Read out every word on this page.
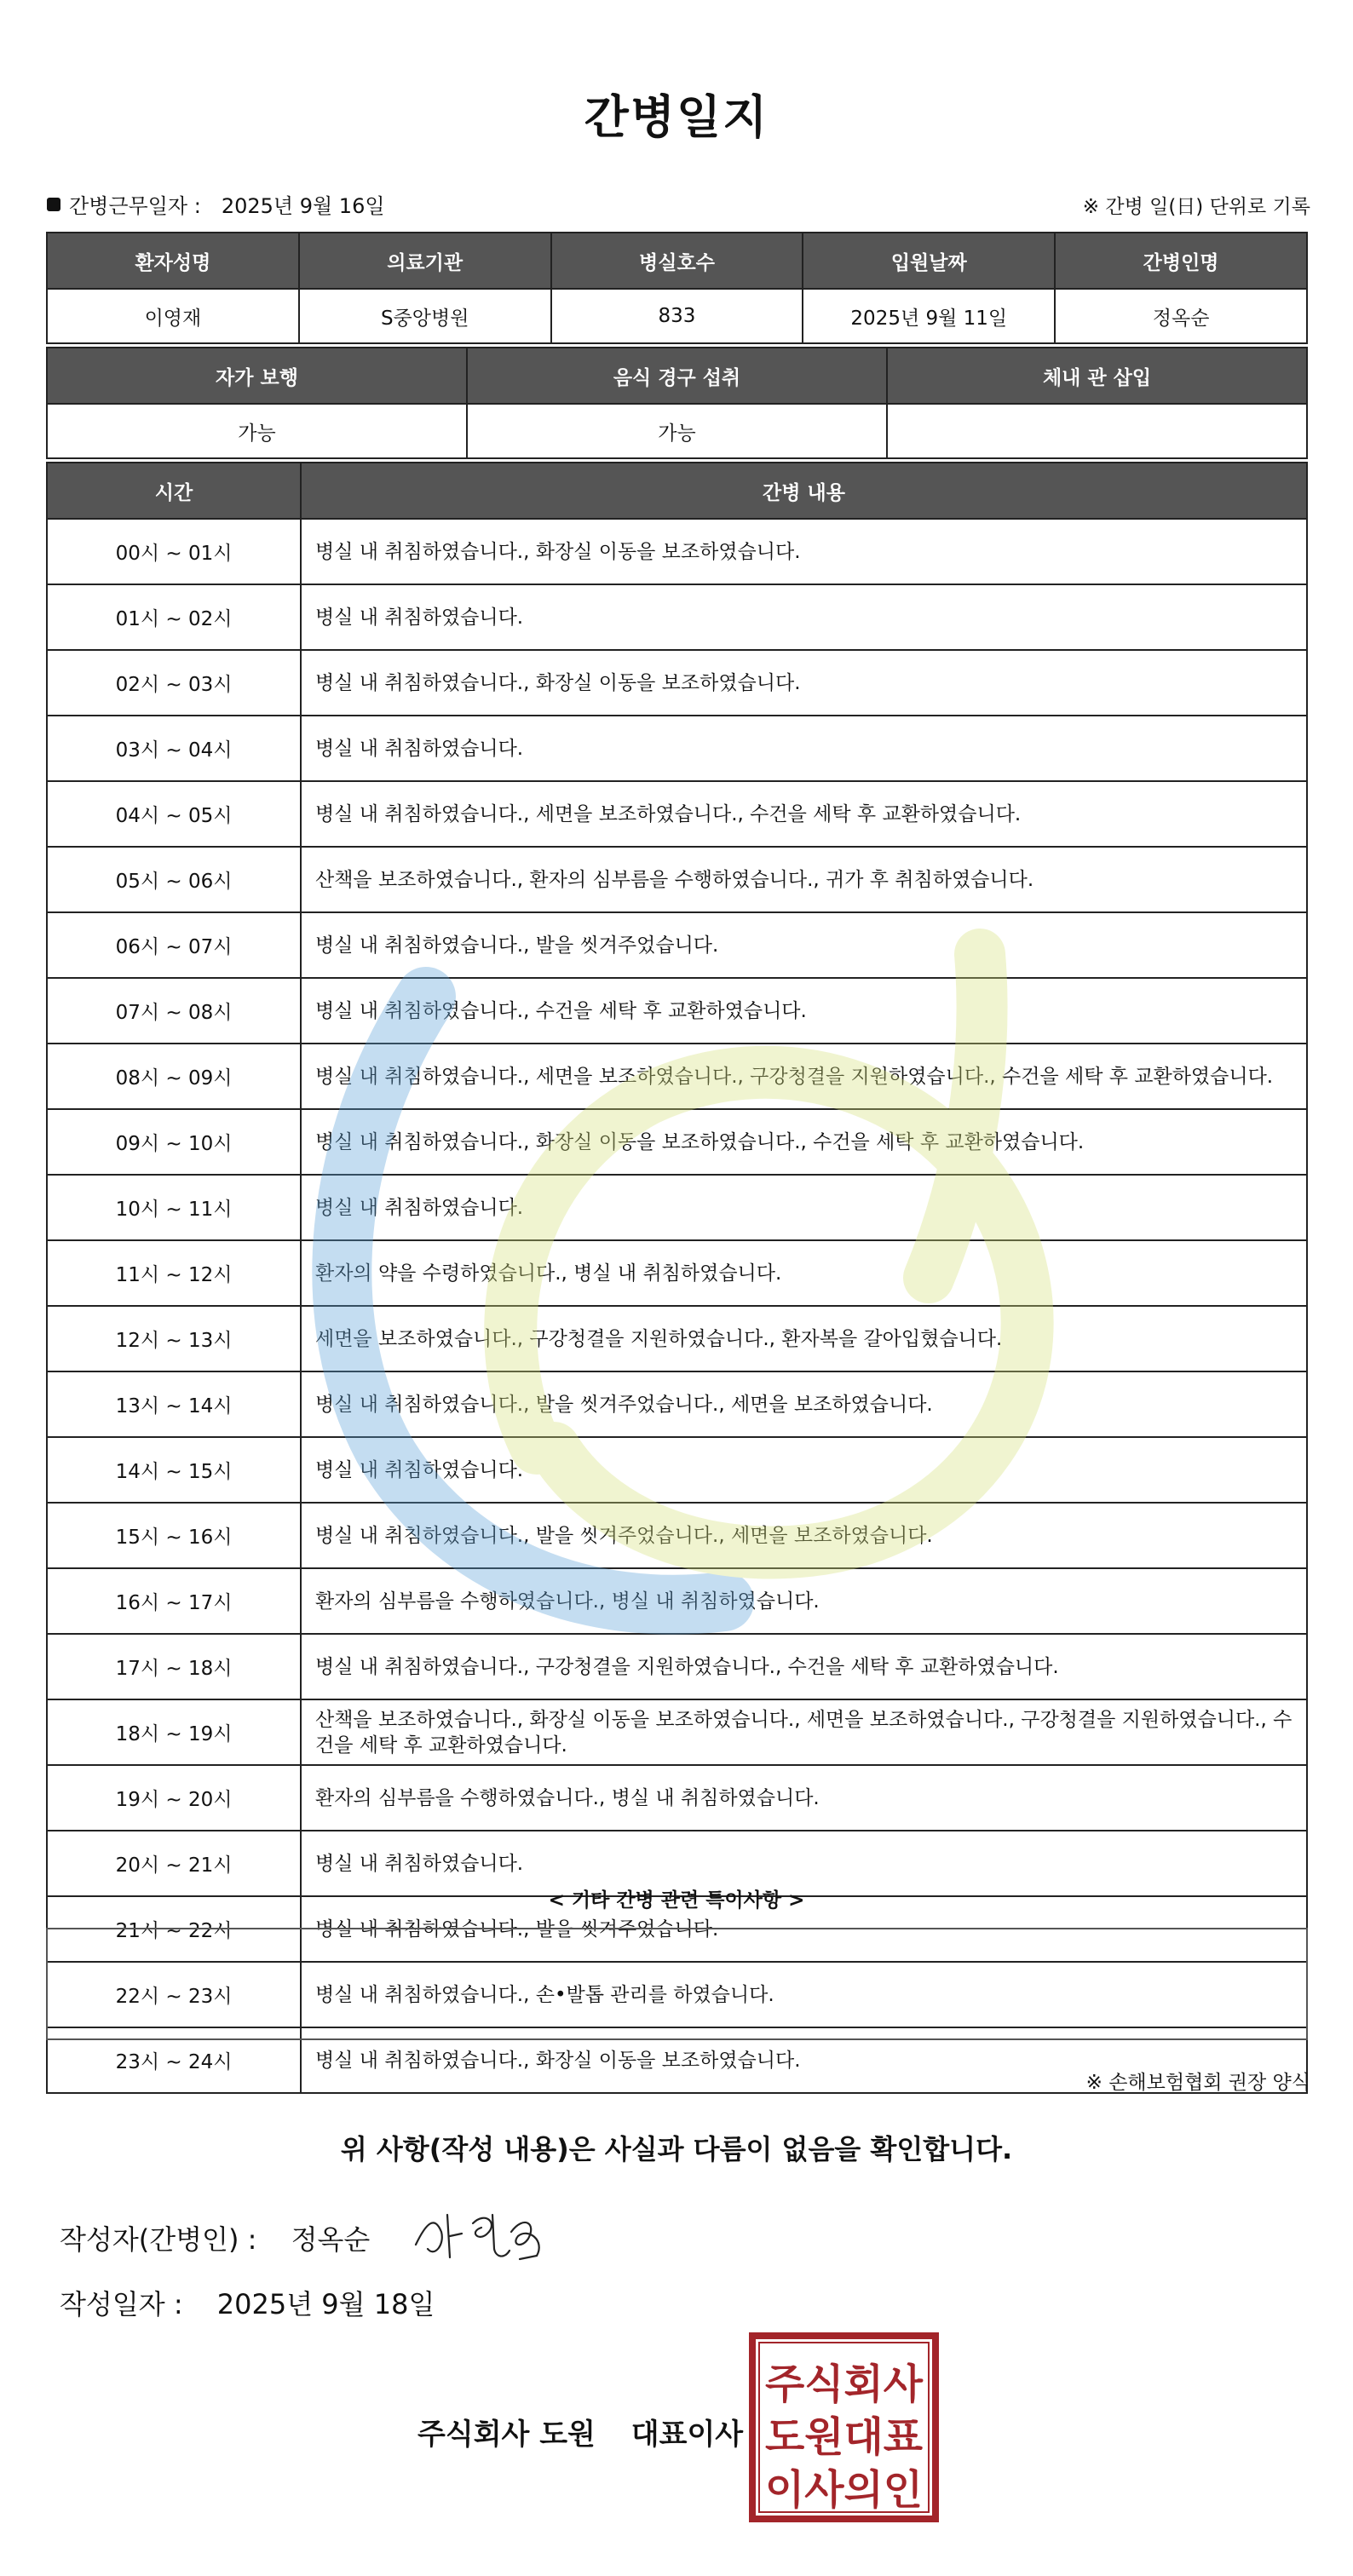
간병일지
간병근무일자 : 2025년 9월 16일	※ 간병 일(日) 단위로 기록
환자성명	의료기관	병실호수	입원날짜	간병인명
이영재	S중앙병원	833	2025년 9월 11일	정옥순
자가 보행	음식 경구 섭취	체내 관 삽입
가능	가능	
시간	간병 내용
00시 ~ 01시	병실 내 취침하였습니다., 화장실 이동을 보조하였습니다.
01시 ~ 02시	병실 내 취침하였습니다.
02시 ~ 03시	병실 내 취침하였습니다., 화장실 이동을 보조하였습니다.
03시 ~ 04시	병실 내 취침하였습니다.
04시 ~ 05시	병실 내 취침하였습니다., 세면을 보조하였습니다., 수건을 세탁 후 교환하였습니다.
05시 ~ 06시	산책을 보조하였습니다., 환자의 심부름을 수행하였습니다., 귀가 후 취침하였습니다.
06시 ~ 07시	병실 내 취침하였습니다., 발을 씻겨주었습니다.
07시 ~ 08시	병실 내 취침하였습니다., 수건을 세탁 후 교환하였습니다.
08시 ~ 09시	병실 내 취침하였습니다., 세면을 보조하였습니다., 구강청결을 지원하였습니다., 수건을 세탁 후 교환하였습니다.
09시 ~ 10시	병실 내 취침하였습니다., 화장실 이동을 보조하였습니다., 수건을 세탁 후 교환하였습니다.
10시 ~ 11시	병실 내 취침하였습니다.
11시 ~ 12시	환자의 약을 수령하였습니다., 병실 내 취침하였습니다.
12시 ~ 13시	세면을 보조하였습니다., 구강청결을 지원하였습니다., 환자복을 갈아입혔습니다.
13시 ~ 14시	병실 내 취침하였습니다., 발을 씻겨주었습니다., 세면을 보조하였습니다.
14시 ~ 15시	병실 내 취침하였습니다.
15시 ~ 16시	병실 내 취침하였습니다., 발을 씻겨주었습니다., 세면을 보조하였습니다.
16시 ~ 17시	환자의 심부름을 수행하였습니다., 병실 내 취침하였습니다.
17시 ~ 18시	병실 내 취침하였습니다., 구강청결을 지원하였습니다., 수건을 세탁 후 교환하였습니다.
18시 ~ 19시	산책을 보조하였습니다., 화장실 이동을 보조하였습니다., 세면을 보조하였습니다., 구강청결을 지원하였습니다., 수건을 세탁 후 교환하였습니다.
19시 ~ 20시	환자의 심부름을 수행하였습니다., 병실 내 취침하였습니다.
20시 ~ 21시	병실 내 취침하였습니다.
21시 ~ 22시	병실 내 취침하였습니다., 발을 씻겨주었습니다.
22시 ~ 23시	병실 내 취침하였습니다., 손•발톱 관리를 하였습니다.
23시 ~ 24시	병실 내 취침하였습니다., 화장실 이동을 보조하였습니다.
< 기타 간병 관련 특이사항 >
※ 손해보험협회 권장 양식
위 사항(작성 내용)은 사실과 다름이 없음을 확인합니다.
작성자(간병인) : 정옥순
작성일자 : 2025년 9월 18일
주식회사 도원 대표이사
주식회사
도원대표
이사의인
